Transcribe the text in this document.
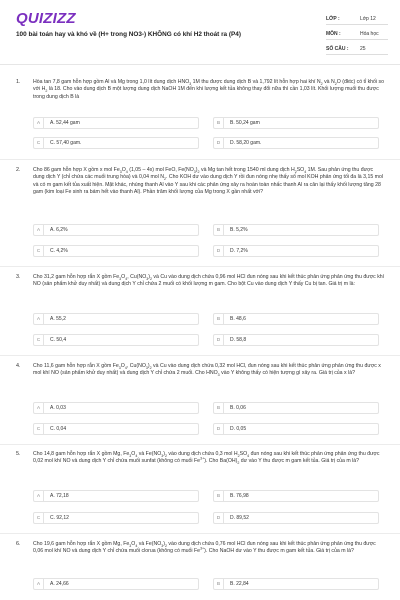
QUIZIZZ
100 bài toán hay và khó về (H+ trong NO3-) KHÔNG có khí H2 thoát ra (P4)
LỚP :	Lớp 12
MÔN :	Hóa học
SỐ CÂU : 25
1. Hòa tan 7,8 gam hỗn hợp gồm Al và Mg trong 1,0 lít dung dịch $HNO_3$ 1M thu được dung dịch B và 1,792 lít hỗn hợp hai khí $N_2$ và $N_2O$ (đktc) có tỉ khối so với $H_2$ là 18. Cho vào dung dịch B một lượng dung dịch NaOH 1M đến khi lượng kết tủa không thay đổi nữa thì cần 1,03 lít. Khối lượng muối thu được trong dung dịch B là
A	A. 52,44 gam	B	B. 50,24 gam
C	C. 57,40 gam.	D	D. 58,20 gam.
2. Cho 86 gam hỗn hợp X gồm x mol $Fe_3O_4$ (1,05 – 4x) mol FeO, $Fe(NO_3)_2$ và Mg tan hết trong 1540 ml dung dịch $H_2SO_4$ 1M. Sau phản ứng thu được dung dịch Y (chỉ chứa các muối trung hòa) và 0,04 mol $N_2$. Cho KOH dư vào dung dịch Y rồi đun nóng nhẹ thấy số mol KOH phản ứng tối đa là 3,15 mol và có m gam kết tủa xuất hiện. Mặt khác, nhúng thanh Al vào Y sau khi các phản ứng xảy ra hoàn toàn nhấc thanh Al ra cân lại thấy khối lượng tăng 28 gam (kim loại Fe sinh ra bám hết vào thanh Al). Phần trăm khối lượng của Mg trong X gần nhất với?
A	A. 6,2%	B	B. 5,2%
C	C. 4,2%	D	D. 7,2%
3. Cho 31,2 gam hỗn hợp rắn X gồm $Fe_3O_4$, $Cu(NO_3)_2$ và Cu vào dung dịch chứa 0,96 mol HCl đun nóng sau khi kết thúc phản ứng phản ứng thu được khí NO (sản phẩm khử duy nhất) và dung dịch Y chỉ chứa 2 muối có khối lượng m gam. Cho bột Cu vào dung dịch Y thấy Cu bị tan. Giá trị m là:
A	A. 55,2	B	B. 48,6
C	C. 50,4	D	D. 58,8
4. Cho 11,6 gam hỗn hợp rắn X gồm $Fe_3O_4$, $Cu(NO_3)_2$ và Cu vào dung dịch chứa 0,32 mol HCl, đun nóng sau khi kết thúc phản ứng phản ứng thu được x mol khí NO (sản phẩm khử duy nhất) và dung dịch Y chỉ chứa 2 muối. Cho $HNO_3$ vào Y không thấy có hiện tượng gì xảy ra. Giá trị của x là?
A	A. 0,03	B	B. 0,06
C	C. 0,04	D	D. 0,05
5. Cho 14,8 gam hỗn hợp rắn X gồm Mg, $Fe_3O_4$ và $Fe(NO_3)_2$ vào dung dịch chứa 0,3 mol $H_2SO_4$ đun nóng sau khi kết thúc phản ứng phản ứng thu được 0,02 mol khí NO và dung dịch Y chỉ chứa muối sunfat (không có muối $Fe^{3+}$). Cho $Ba(OH)_2$ dư vào Y thu được m gam kết tủa. Giá trị của m là?
A	A. 72,18	B	B. 76,98
C	C. 92,12	D	D. 89,52
6. Cho 19,6 gam hỗn hợp rắn X gồm Mg, $Fe_3O_4$ và $Fe(NO_3)_2$ vào dung dịch chứa 0,76 mol HCl đun nóng sau khi kết thúc phản ứng phản ứng thu được 0,06 mol khí NO và dung dịch Y chỉ chứa muối clorua (không có muối $Fe^{3+}$). Cho NaOH dư vào Y thu được m gam kết tủa. Giá trị của m là?
A	A. 24,66	B	B. 22,84
